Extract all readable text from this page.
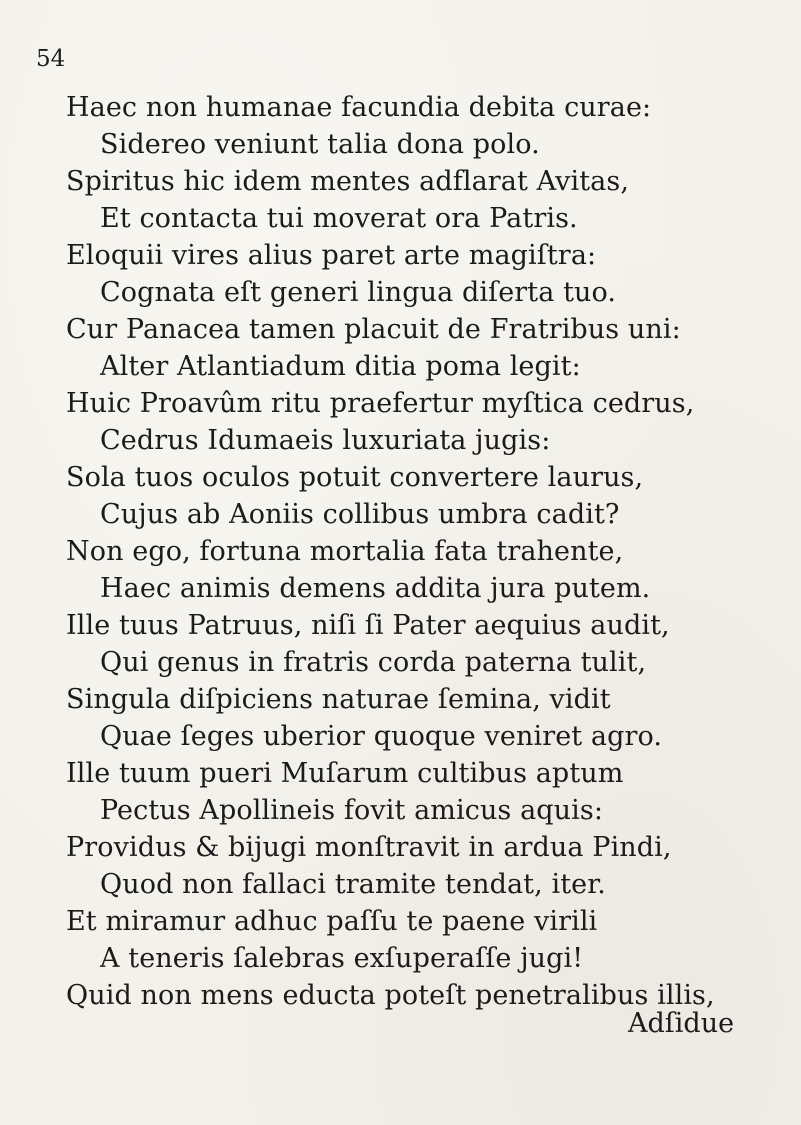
54
Haec non humanae facundia debita curae:
Sidereo veniunt talia dona polo.
Spiritus hic idem mentes adflarat Avitas,
Et contacta tui moverat ora Patris.
Eloquii vires alius paret arte magiſtra:
Cognata eſt generi lingua diſerta tuo.
Cur Panacea tamen placuit de Fratribus uni:
Alter Atlantiadum ditia poma legit:
Huic Proavûm ritu praefertur myſtica cedrus,
Cedrus Idumaeis luxuriata jugis:
Sola tuos oculos potuit convertere laurus,
Cujus ab Aoniis collibus umbra cadit?
Non ego, fortuna mortalia fata trahente,
Haec animis demens addita jura putem.
Ille tuus Patruus, niſi ſi Pater aequius audit,
Qui genus in fratris corda paterna tulit,
Singula diſpiciens naturae ſemina, vidit
Quae ſeges uberior quoque veniret agro.
Ille tuum pueri Muſarum cultibus aptum
Pectus Apollineis fovit amicus aquis:
Providus & bijugi monſtravit in ardua Pindi,
Quod non fallaci tramite tendat, iter.
Et miramur adhuc paſſu te paene virili
A teneris ſalebras exſuperaſſe jugi!
Quid non mens educta poteſt penetralibus illis,
Adſidue
